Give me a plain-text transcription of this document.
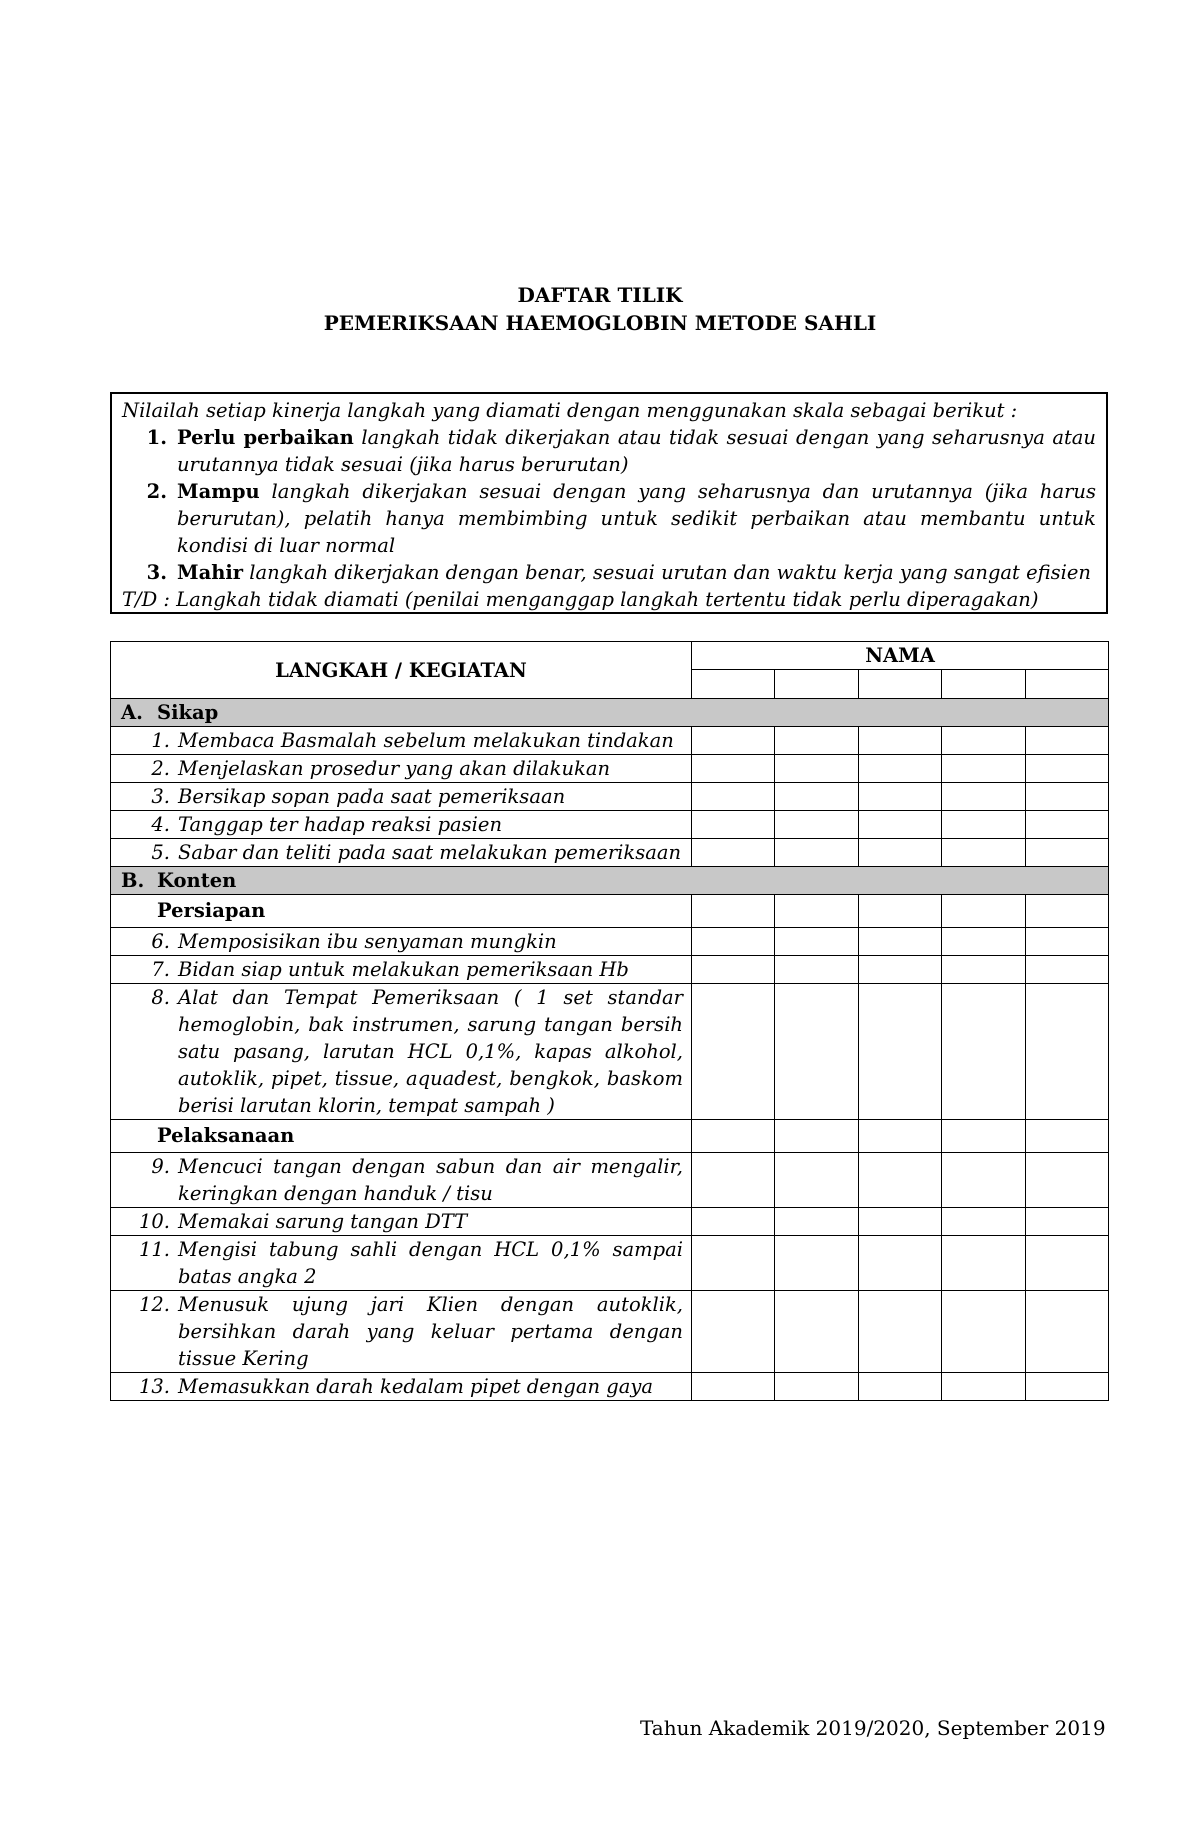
DAFTAR TILIK
PEMERIKSAAN HAEMOGLOBIN METODE SAHLI
Nilailah setiap kinerja langkah yang diamati dengan menggunakan skala sebagai berikut :
1. Perlu perbaikan langkah tidak dikerjakan atau tidak sesuai dengan yang seharusnya atau urutannya tidak sesuai (jika harus berurutan)
2. Mampu langkah dikerjakan sesuai dengan yang seharusnya dan urutannya (jika harus berurutan), pelatih hanya membimbing untuk sedikit perbaikan atau membantu untuk kondisi di luar normal
3. Mahir langkah dikerjakan dengan benar, sesuai urutan dan waktu kerja yang sangat efisien
T/D : Langkah tidak diamati (penilai menganggap langkah tertentu tidak perlu diperagakan)
LANGKAH / KEGIATAN	NAMA				

A. Sikap					

1. Membaca Basmalah sebelum melakukan tindakan					

2. Menjelaskan prosedur yang akan dilakukan					

3. Bersikap sopan pada saat pemeriksaan					

4. Tanggap ter hadap reaksi pasien					

5. Sabar dan teliti pada saat melakukan pemeriksaan					

B. Konten					
Persiapan					

6. Memposisikan ibu senyaman mungkin					

7. Bidan siap untuk melakukan pemeriksaan Hb					

8. Alat dan Tempat Pemeriksaan ( 1 set standar hemoglobin, bak instrumen, sarung tangan bersih satu pasang, larutan HCL 0,1%, kapas alkohol, autoklik, pipet, tissue, aquadest, bengkok, baskom berisi larutan klorin, tempat sampah )					

Pelaksanaan					

9. Mencuci tangan dengan sabun dan air mengalir, keringkan dengan handuk / tisu					

10. Memakai sarung tangan DTT					

11. Mengisi tabung sahli dengan HCL 0,1% sampai batas angka 2					

12. Menusuk ujung jari Klien dengan autoklik, bersihkan darah yang keluar pertama dengan tissue Kering					

13. Memasukkan darah kedalam pipet dengan gaya					

Tahun Akademik 2019/2020, September 2019
